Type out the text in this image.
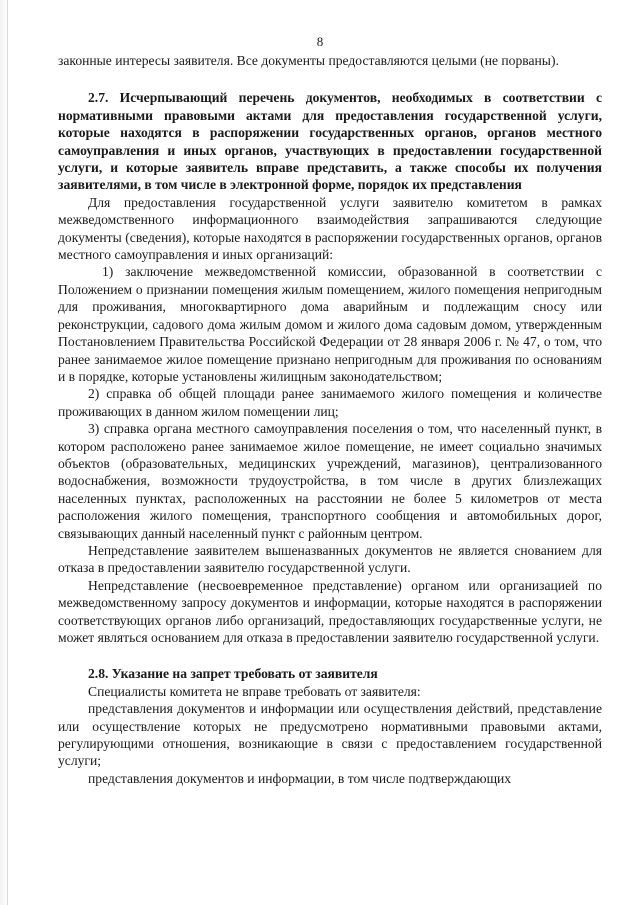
8

законные интересы заявителя. Все документы предоставляются целыми (не порваны).

2.7. Исчерпывающий перечень документов, необходимых в соответствии с нормативными правовыми актами для предоставления государственной услуги, которые находятся в распоряжении государственных органов, органов местного самоуправления и иных органов, участвующих в предоставлении государственной услуги, и которые заявитель вправе представить, а также способы их получения заявителями, в том числе в электронной форме, порядок их представления

Для предоставления государственной услуги заявителю комитетом в рамках межведомственного информационного взаимодействия запрашиваются следующие документы (сведения), которые находятся в распоряжении государственных органов, органов местного самоуправления и иных организаций:

1) заключение межведомственной комиссии, образованной в соответствии с Положением о признании помещения жилым помещением, жилого помещения непригодным для проживания, многоквартирного дома аварийным и подлежащим сносу или реконструкции, садового дома жилым домом и жилого дома садовым домом, утвержденным Постановлением Правительства Российской Федерации от 28 января 2006 г. № 47, о том, что ранее занимаемое жилое помещение признано непригодным для проживания по основаниям и в порядке, которые установлены жилищным законодательством;

2) справка об общей площади ранее занимаемого жилого помещения и количестве проживающих в данном жилом помещении лиц;

3) справка органа местного самоуправления поселения о том, что населенный пункт, в котором расположено ранее занимаемое жилое помещение, не имеет социально значимых объектов (образовательных, медицинских учреждений, магазинов), централизованного водоснабжения, возможности трудоустройства, в том числе в других близлежащих населенных пунктах, расположенных на расстоянии не более 5 километров от места расположения жилого помещения, транспортного сообщения и автомобильных дорог, связывающих данный населенный пункт с районным центром.

Непредставление заявителем вышеназванных документов не является снованием для отказа в предоставлении заявителю государственной услуги.

Непредставление (несвоевременное представление) органом или организацией по межведомственному запросу документов и информации, которые находятся в распоряжении соответствующих органов либо организаций, предоставляющих государственные услуги, не может являться основанием для отказа в предоставлении заявителю государственной услуги.

2.8. Указание на запрет требовать от заявителя

Специалисты комитета не вправе требовать от заявителя:

представления документов и информации или осуществления действий, представление или осуществление которых не предусмотрено нормативными правовыми актами, регулирующими отношения, возникающие в связи с предоставлением государственной услуги;

представления документов и информации, в том числе подтверждающих
